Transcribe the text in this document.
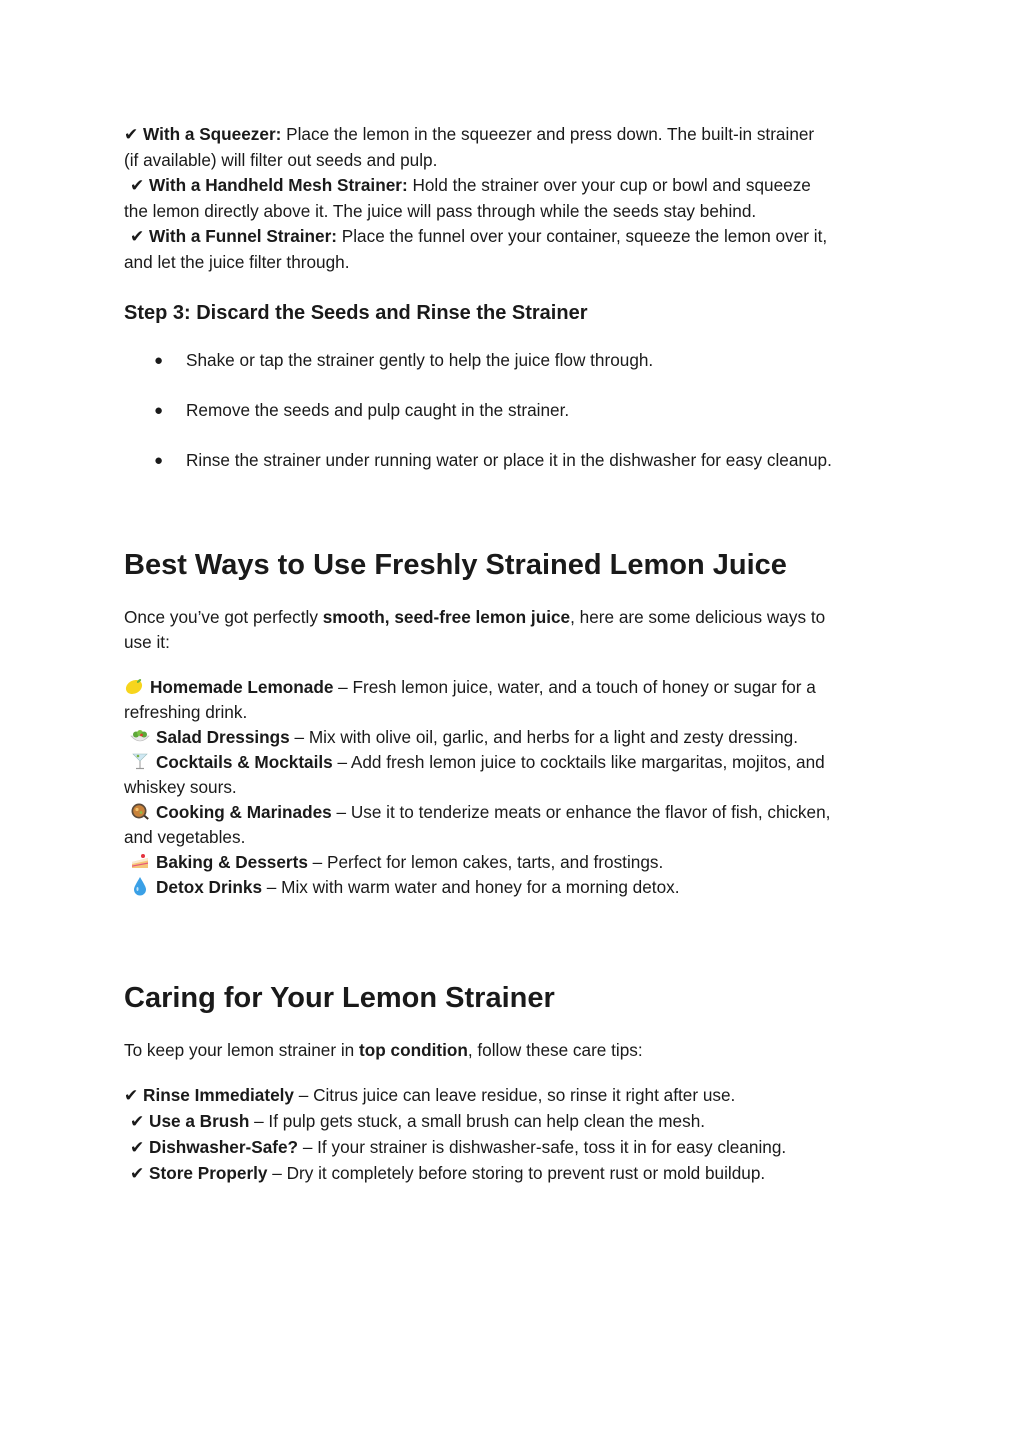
✔ With a Squeezer: Place the lemon in the squeezer and press down. The built-in strainer
(if available) will filter out seeds and pulp.
✔ With a Handheld Mesh Strainer: Hold the strainer over your cup or bowl and squeeze
the lemon directly above it. The juice will pass through while the seeds stay behind.
✔ With a Funnel Strainer: Place the funnel over your container, squeeze the lemon over it,
and let the juice filter through.
Step 3: Discard the Seeds and Rinse the Strainer
● Shake or tap the strainer gently to help the juice flow through.
● Remove the seeds and pulp caught in the strainer.
● Rinse the strainer under running water or place it in the dishwasher for easy cleanup.
Best Ways to Use Freshly Strained Lemon Juice
Once you’ve got perfectly smooth, seed-free lemon juice, here are some delicious ways to
use it:
Homemade Lemonade – Fresh lemon juice, water, and a touch of honey or sugar for a
refreshing drink.
Salad Dressings – Mix with olive oil, garlic, and herbs for a light and zesty dressing.
Cocktails & Mocktails – Add fresh lemon juice to cocktails like margaritas, mojitos, and
whiskey sours.
Cooking & Marinades – Use it to tenderize meats or enhance the flavor of fish, chicken,
and vegetables.
Baking & Desserts – Perfect for lemon cakes, tarts, and frostings.
Detox Drinks – Mix with warm water and honey for a morning detox.
Caring for Your Lemon Strainer
To keep your lemon strainer in top condition, follow these care tips:
✔ Rinse Immediately – Citrus juice can leave residue, so rinse it right after use.
✔ Use a Brush – If pulp gets stuck, a small brush can help clean the mesh.
✔ Dishwasher-Safe? – If your strainer is dishwasher-safe, toss it in for easy cleaning.
✔ Store Properly – Dry it completely before storing to prevent rust or mold buildup.
